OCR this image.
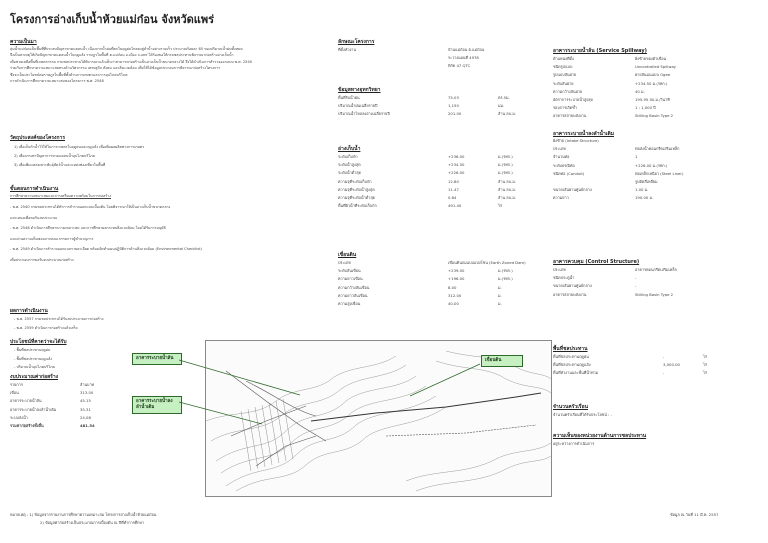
โครงการอ่างเก็บน้ำห้วยแม่ก๋อน จังหวัดแพร่
ความเป็นมา
ลุ่มน้ำแม่ก๋อนเป็นพื้นที่ที่ประสบปัญหาขาดแคลนน้ำ เนื่องจากน้ำฝนที่ตกในฤดูฝนไหลลงสู่ลำน้ำอย่างรวดเร็ว ประมาณร้อยละ 65 ของปริมาณน้ำฝนทั้งหมด
จึงเป็นสาเหตุให้เกิดปัญหาขาดแคลนน้ำในฤดูแล้ง ราษฎรในพื้นที่ ต.แม่ก๋อน อ.เมือง จ.แพร่ ได้ร้องขอให้กรมชลประทานพิจารณาก่อสร้างอ่างเก็บน้ำ
เพื่อช่วยเหลือพื้นที่เกษตรกรรม กรมชลประทานได้พิจารณาแล้วเห็นว่าสามารถก่อสร้างเป็นอ่างเก็บน้ำขนาดกลางได้ จึงได้ดำเนินการสำรวจออกแบบ พ.ศ. 2540
ร่วมกับการศึกษาความเหมาะสมทางด้านวิศวกรรม เศรษฐกิจ สังคม และสิ่งแวดล้อม เพื่อให้ได้ข้อมูลประกอบการพิจารณาก่อสร้างโครงการ
ซึ่งจะเป็นประโยชน์ต่อราษฎรในพื้นที่ทั้งด้านการเกษตรและการอุปโภคบริโภค
การดำเนินการศึกษาความเหมาะสมของโครงการ พ.ศ. 2548
วัตถุประสงค์ของโครงการ
1) เพื่อเก็บกักน้ำไว้ใช้ในการเกษตรในฤดูฝนและฤดูแล้ง เพื่อเพิ่มผลผลิตทางการเกษตร
2) เพื่อบรรเทาปัญหาการขาดแคลนน้ำอุปโภคบริโภค
3) เพื่อเพิ่มแหล่งเพาะพันธุ์สัตว์น้ำและแหล่งท่องเที่ยวในพื้นที่
ขั้นตอนการดำเนินงาน
การศึกษาความเหมาะสมและการเตรียมความพร้อมในการก่อสร้าง
- พ.ศ. 2540 กรมชลประทานได้ทำการสำรวจออกแบบเบื้องต้น โดยพิจารณาให้เป็นอ่างเก็บน้ำขนาดกลาง
และเสนอเพื่อขอรับงบประมาณ
- พ.ศ. 2548 ดำเนินการศึกษาความเหมาะสม และการศึกษาผลกระทบสิ่งแวดล้อม โดยได้รับการอนุมัติ
และผ่านความเห็นชอบจากคณะกรรมการผู้ชำนาญการ
- พ.ศ. 2549 ดำเนินการสำรวจออกแบบรายละเอียด พร้อมจัดทำแผนปฏิบัติการด้านสิ่งแวดล้อม (Environmental Checklist)
เพื่อประกอบการขอรับงบประมาณก่อสร้าง
ผลการดำเนินงาน
- พ.ศ. 2557 กรมชลประทานได้รับงบประมาณการก่อสร้าง
- พ.ศ. 2559 ดำเนินการก่อสร้างแล้วเสร็จ
ประโยชน์ที่คาดว่าจะได้รับ
- พื้นที่ชลประทานฤดูฝน
- พื้นที่ชลประทานฤดูแล้ง
- ปริมาณน้ำอุปโภคบริโภค
งบประมาณค่าก่อสร้าง
รายการ	ล้านบาท
เขื่อน	313.00
อาคารระบายน้ำล้น	45.15
อาคารระบายน้ำลงลำน้ำเดิม	35.31
ระบบส่งน้ำ	24.08
รวมค่าก่อสร้างทั้งสิ้น	481.54
ลักษณะโครงการ
ที่ตั้งหัวงาน	บ้านแม่ก๋อน ต.แม่ก๋อน
ระวางแผนที่ 4978
พิกัด 47 QTC
ข้อมูลทางอุทกวิทยา
พื้นที่รับน้ำฝน	75.03	ตร.กม.
ปริมาณน้ำฝนเฉลี่ยรายปี	1,150	มม.
ปริมาณน้ำไหลลงอ่างเฉลี่ยรายปี	201.00	ล้าน ลบ.ม.
อ่างเก็บน้ำ
ระดับเก็บกัก	+236.00	ม.(รทก.)
ระดับน้ำสูงสุด	+234.50	ม.(รทก.)
ระดับน้ำต่ำสุด	+226.00	ม.(รทก.)
ความจุที่ระดับเก็บกัก	12.80	ล้าน ลบ.ม.
ความจุที่ระดับน้ำสูงสุด	11.47	ล้าน ลบ.ม.
ความจุที่ระดับน้ำต่ำสุด	0.64	ล้าน ลบ.ม.
พื้นที่ผิวน้ำที่ระดับเก็บกัก	491.40	ไร่
เขื่อนดิน
ประเภท	เขื่อนดินถมแบบแบ่งโซน (Earth Zoned Dam)
ระดับสันเขื่อน	+239.00	ม.(รทก.)
ความยาวเขื่อน	+196.00	ม.(รทก.)
ความกว้างสันเขื่อน	8.00	ม.
ความยาวสันเขื่อน	312.00	ม.
ความสูงเขื่อน	40.00	ม.
อาคารระบายน้ำล้น (Service Spillway)
ตำแหน่งที่ตั้ง	ฝั่งซ้ายของตัวเขื่อน
ชนิดรูปแบบ	Uncontrolled Spillway
รูปแบบสันฝาย	ฝายสันมนแบบ Ogee
ระดับสันฝาย	+234.50 ม.(รทก.)
ความกว้างสันฝาย	40 ม.
อัตราการระบายน้ำสูงสุด	195.95 ลบ.ม./วินาที
รอบการเกิดซ้ำ	1 : 1,000 ปี
อาคารสลายพลังงาน	Stilling Basin Type 2
อาคารระบายน้ำลงลำน้ำเดิม
ฝั่งซ้าย (Intake Structure)
ประเภท	ท่อส่งน้ำคอนกรีตเสริมเหล็ก
จำนวนท่อ	1
ระดับธรณีท่อ	+226.00 ม.(รทก.)
ชนิดท่อ (Conduit)	ท่อเหล็กเหนียว (Steel Liner)
รูปตัดสี่เหลี่ยม
ขนาดเส้นผ่านศูนย์กลาง	1.00 ม.
ความยาว	190.00 ม.
อาคารควบคุม (Control Structure)
ประเภท	อาคารคอนกรีตเสริมเหล็ก
ชนิดประตูน้ำ	-
ขนาดเส้นผ่านศูนย์กลาง	-
อาคารสลายพลังงาน	Stilling Basin Type 2
พื้นที่ชลประทาน
พื้นที่ชลประทานฤดูฝน	-	ไร่
พื้นที่ชลประทานฤดูแล้ง	3,000.00	ไร่
พื้นที่หัวงานและพื้นที่น้ำท่วม	-	ไร่
จำนวนครัวเรือน
จำนวนครัวเรือนที่ได้รับประโยชน์ : -
ความเห็นของหน่วยงานด้านการชลประทาน
อยู่ระหว่างการดำเนินการ
อาคารระบายน้ำล้น
อาคารระบายน้ำลงลำน้ำเดิม
เขื่อนดิน
หมายเหตุ : 1) ข้อมูลจากรายงานการศึกษาความเหมาะสม โครงการอ่างเก็บน้ำห้วยแม่ก๋อน
2) ข้อมูลค่าก่อสร้างเป็นประมาณการเบื้องต้น ณ ปีที่ทำการศึกษา
ข้อมูล ณ วันที่ 11 มี.ค. 2557
